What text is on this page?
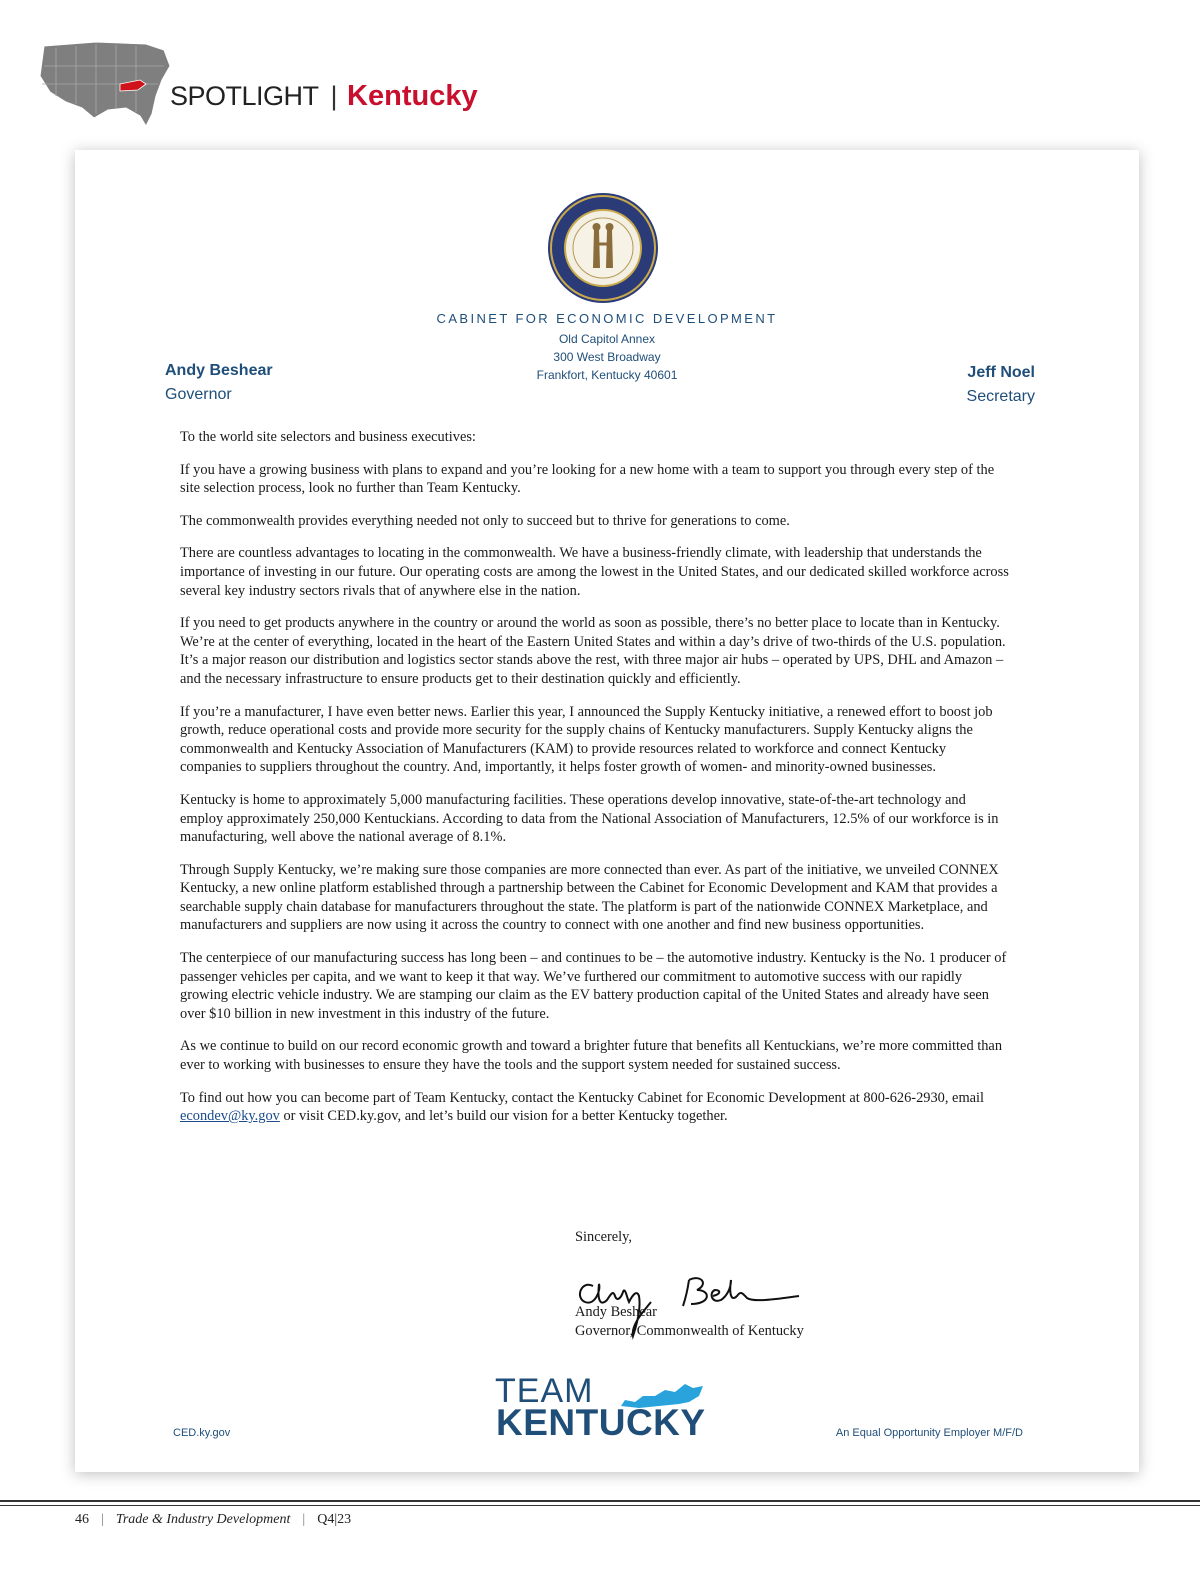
SPOTLIGHT | Kentucky
CABINET FOR ECONOMIC DEVELOPMENT
Old Capitol Annex
300 West Broadway
Frankfort, Kentucky 40601
Andy Beshear
Governor
Jeff Noel
Secretary

To the world site selectors and business executives:

If you have a growing business with plans to expand and you’re looking for a new home with a team to support you through every step of the site selection process, look no further than Team Kentucky.

The commonwealth provides everything needed not only to succeed but to thrive for generations to come.

There are countless advantages to locating in the commonwealth. We have a business-friendly climate, with leadership that understands the importance of investing in our future. Our operating costs are among the lowest in the United States, and our dedicated skilled workforce across several key industry sectors rivals that of anywhere else in the nation.

If you need to get products anywhere in the country or around the world as soon as possible, there’s no better place to locate than in Kentucky. We’re at the center of everything, located in the heart of the Eastern United States and within a day’s drive of two-thirds of the U.S. population. It’s a major reason our distribution and logistics sector stands above the rest, with three major air hubs – operated by UPS, DHL and Amazon – and the necessary infrastructure to ensure products get to their destination quickly and efficiently.

If you’re a manufacturer, I have even better news. Earlier this year, I announced the Supply Kentucky initiative, a renewed effort to boost job growth, reduce operational costs and provide more security for the supply chains of Kentucky manufacturers. Supply Kentucky aligns the commonwealth and Kentucky Association of Manufacturers (KAM) to provide resources related to workforce and connect Kentucky companies to suppliers throughout the country. And, importantly, it helps foster growth of women- and minority-owned businesses.

Kentucky is home to approximately 5,000 manufacturing facilities. These operations develop innovative, state-of-the-art technology and employ approximately 250,000 Kentuckians. According to data from the National Association of Manufacturers, 12.5% of our workforce is in manufacturing, well above the national average of 8.1%.

Through Supply Kentucky, we’re making sure those companies are more connected than ever. As part of the initiative, we unveiled CONNEX Kentucky, a new online platform established through a partnership between the Cabinet for Economic Development and KAM that provides a searchable supply chain database for manufacturers throughout the state. The platform is part of the nationwide CONNEX Marketplace, and manufacturers and suppliers are now using it across the country to connect with one another and find new business opportunities.

The centerpiece of our manufacturing success has long been – and continues to be – the automotive industry. Kentucky is the No. 1 producer of passenger vehicles per capita, and we want to keep it that way. We’ve furthered our commitment to automotive success with our rapidly growing electric vehicle industry. We are stamping our claim as the EV battery production capital of the United States and already have seen over $10 billion in new investment in this industry of the future.

As we continue to build on our record economic growth and toward a brighter future that benefits all Kentuckians, we’re more committed than ever to working with businesses to ensure they have the tools and the support system needed for sustained success.

To find out how you can become part of Team Kentucky, contact the Kentucky Cabinet for Economic Development at 800-626-2930, email econdev@ky.gov or visit CED.ky.gov, and let’s build our vision for a better Kentucky together.

Sincerely,
Andy Beshear
Governor, Commonwealth of Kentucky
TEAM
KENTUCKY
CED.ky.gov	An Equal Opportunity Employer M/F/D
46 | Trade & Industry Development | Q4|23
